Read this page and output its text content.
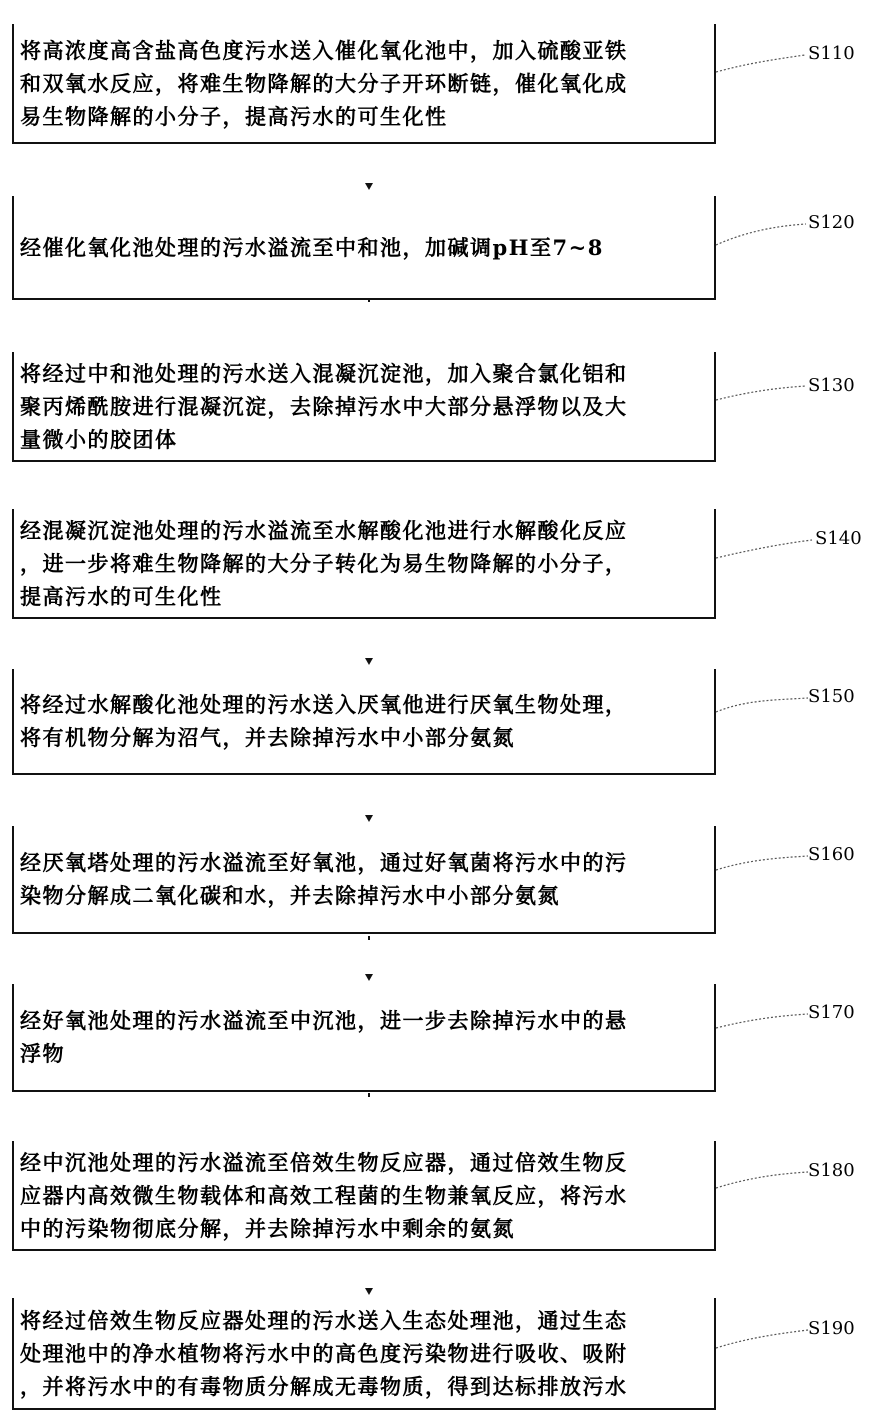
将高浓度高含盐高色度污水送入催化氧化池中，加入硫酸亚铁
和双氧水反应，将难生物降解的大分子开环断链，催化氧化成
易生物降解的小分子，提高污水的可生化性
经催化氧化池处理的污水溢流至中和池，加碱调pH至7~8
将经过中和池处理的污水送入混凝沉淀池，加入聚合氯化铝和
聚丙烯酰胺进行混凝沉淀，去除掉污水中大部分悬浮物以及大
量微小的胶团体
经混凝沉淀池处理的污水溢流至水解酸化池进行水解酸化反应
，进一步将难生物降解的大分子转化为易生物降解的小分子，
提高污水的可生化性
将经过水解酸化池处理的污水送入厌氧他进行厌氧生物处理，
将有机物分解为沼气，并去除掉污水中小部分氨氮
经厌氧塔处理的污水溢流至好氧池，通过好氧菌将污水中的污
染物分解成二氧化碳和水，并去除掉污水中小部分氨氮
经好氧池处理的污水溢流至中沉池，进一步去除掉污水中的悬
浮物
经中沉池处理的污水溢流至倍效生物反应器，通过倍效生物反
应器内高效微生物载体和高效工程菌的生物兼氧反应，将污水
中的污染物彻底分解，并去除掉污水中剩余的氨氮
将经过倍效生物反应器处理的污水送入生态处理池，通过生态
处理池中的净水植物将污水中的高色度污染物进行吸收、吸附
，并将污水中的有毒物质分解成无毒物质，得到达标排放污水
S110
S120
S130
S140
S150
S160
S170
S180
S190
